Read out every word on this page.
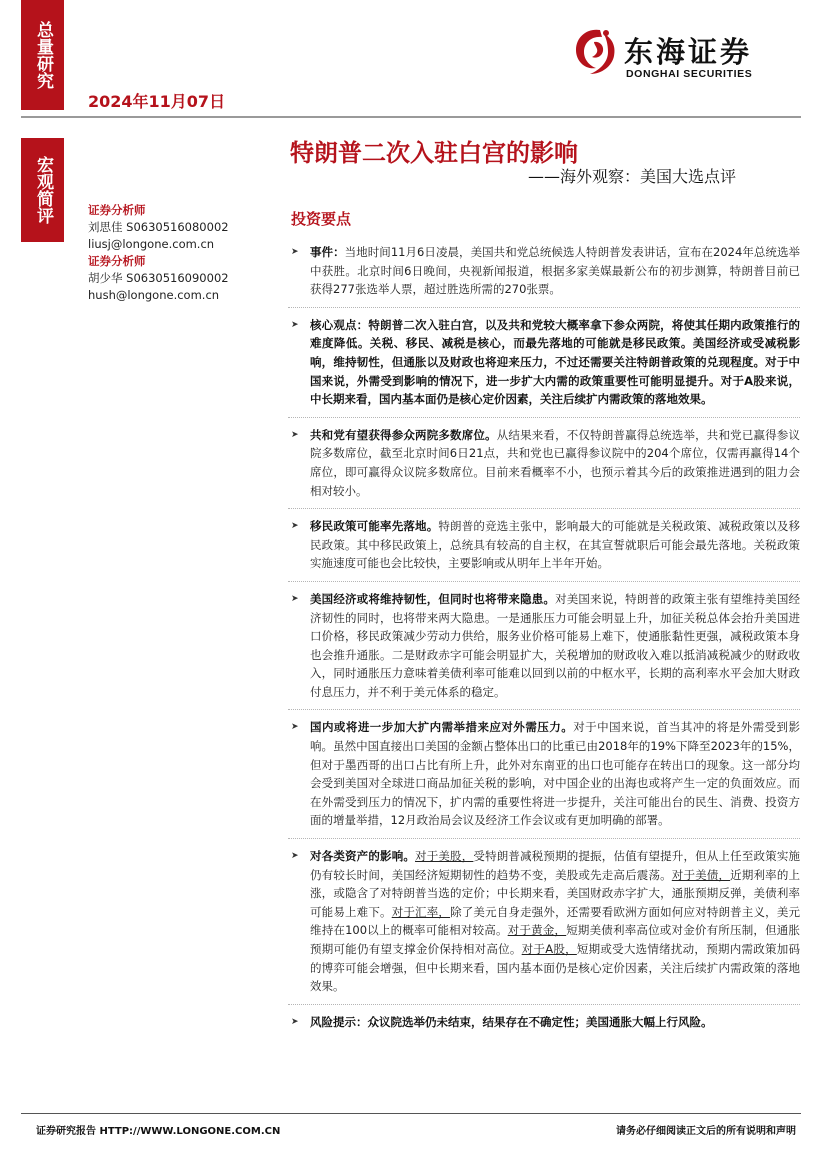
总量研究
2024年11月07日
东海证券
DONGHAI SECURITIES
宏观简评
特朗普二次入驻白宫的影响
——海外观察：美国大选点评
证券分析师
刘思佳 S0630516080002
liusj@longone.com.cn
证券分析师
胡少华 S0630516090002
hush@longone.com.cn
投资要点
➤ 事件：当地时间11月6日凌晨，美国共和党总统候选人特朗普发表讲话，宣布在2024年总统选举中获胜。北京时间6日晚间，央视新闻报道，根据多家美媒最新公布的初步测算，特朗普目前已获得277张选举人票，超过胜选所需的270张票。
➤ 核心观点：特朗普二次入驻白宫，以及共和党较大概率拿下参众两院，将使其任期内政策推行的难度降低。关税、移民、减税是核心，而最先落地的可能就是移民政策。美国经济或受减税影响，维持韧性，但通胀以及财政也将迎来压力，不过还需要关注特朗普政策的兑现程度。对于中国来说，外需受到影响的情况下，进一步扩大内需的政策重要性可能明显提升。对于A股来说，中长期来看，国内基本面仍是核心定价因素，关注后续扩内需政策的落地效果。
➤ 共和党有望获得参众两院多数席位。从结果来看，不仅特朗普赢得总统选举，共和党已赢得参议院多数席位，截至北京时间6日21点，共和党也已赢得参议院中的204个席位，仅需再赢得14个席位，即可赢得众议院多数席位。目前来看概率不小，也预示着其今后的政策推进遇到的阻力会相对较小。
➤ 移民政策可能率先落地。特朗普的竞选主张中，影响最大的可能就是关税政策、减税政策以及移民政策。其中移民政策上，总统具有较高的自主权，在其宣誓就职后可能会最先落地。关税政策实施速度可能也会比较快，主要影响或从明年上半年开始。
➤ 美国经济或将维持韧性，但同时也将带来隐患。对美国来说，特朗普的政策主张有望维持美国经济韧性的同时，也将带来两大隐患。一是通胀压力可能会明显上升，加征关税总体会抬升美国进口价格，移民政策减少劳动力供给，服务业价格可能易上难下，使通胀黏性更强，减税政策本身也会推升通胀。二是财政赤字可能会明显扩大，关税增加的财政收入难以抵消减税减少的财政收入，同时通胀压力意味着美债利率可能难以回到以前的中枢水平，长期的高利率水平会加大财政付息压力，并不利于美元体系的稳定。
➤ 国内或将进一步加大扩内需举措来应对外需压力。对于中国来说，首当其冲的将是外需受到影响。虽然中国直接出口美国的金额占整体出口的比重已由2018年的19%下降至2023年的15%，但对于墨西哥的出口占比有所上升，此外对东南亚的出口也可能存在转出口的现象。这一部分均会受到美国对全球进口商品加征关税的影响，对中国企业的出海也或将产生一定的负面效应。而在外需受到压力的情况下，扩内需的重要性将进一步提升，关注可能出台的民生、消费、投资方面的增量举措，12月政治局会议及经济工作会议或有更加明确的部署。
➤ 对各类资产的影响。对于美股，受特朗普减税预期的提振，估值有望提升，但从上任至政策实施仍有较长时间，美国经济短期韧性的趋势不变，美股或先走高后震荡。对于美债，近期利率的上涨，或隐含了对特朗普当选的定价；中长期来看，美国财政赤字扩大，通胀预期反弹，美债利率可能易上难下。对于汇率，除了美元自身走强外，还需要看欧洲方面如何应对特朗普主义，美元维持在100以上的概率可能相对较高。对于黄金，短期美债利率高位或对金价有所压制，但通胀预期可能仍有望支撑金价保持相对高位。对于A股，短期或受大选情绪扰动，预期内需政策加码的博弈可能会增强，但中长期来看，国内基本面仍是核心定价因素，关注后续扩内需政策的落地效果。
➤ 风险提示：众议院选举仍未结束，结果存在不确定性；美国通胀大幅上行风险。
证券研究报告 HTTP://WWW.LONGONE.COM.CN	请务必仔细阅读正文后的所有说明和声明
